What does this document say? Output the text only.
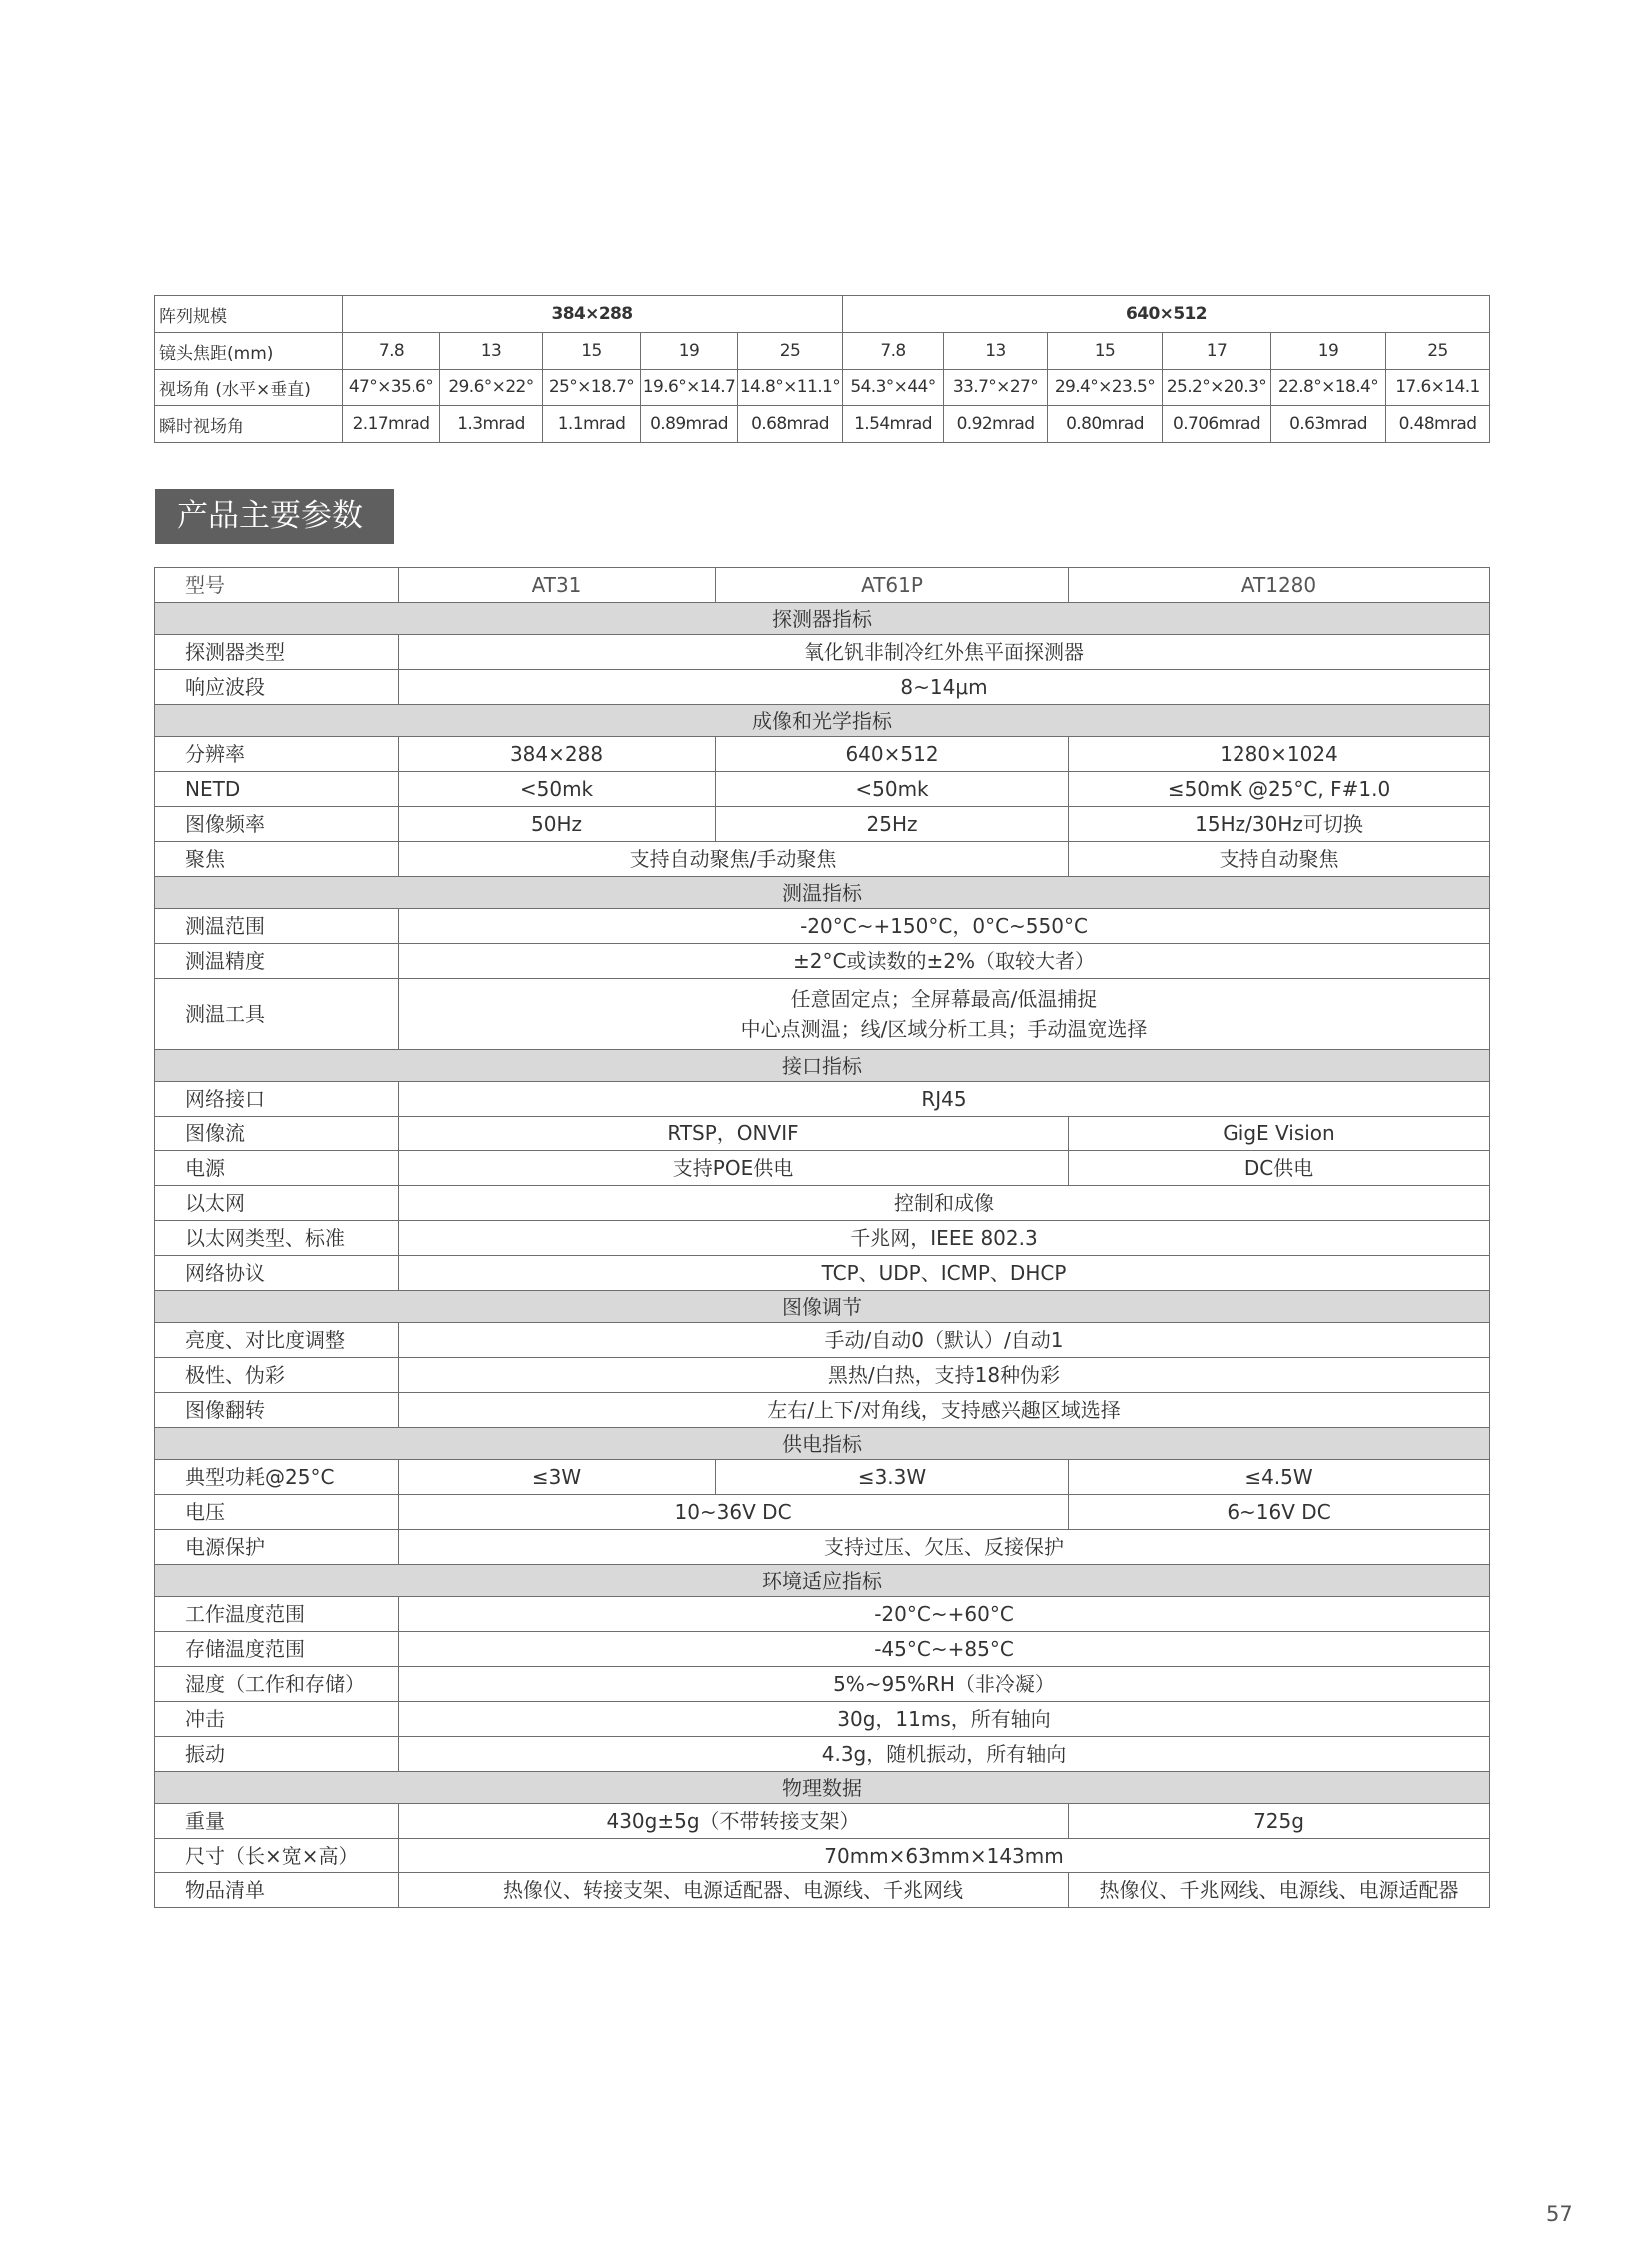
阵列规模	384×288					640×512					
镜头焦距(mm)	7.8	13	15	19	25	7.8	13	15	17	19	25
视场角 (水平×垂直)	47°×35.6°	29.6°×22°	25°×18.7°	19.6°×14.7	14.8°×11.1°	54.3°×44°	33.7°×27°	29.4°×23.5°	25.2°×20.3°	22.8°×18.4°	17.6×14.1
瞬时视场角	2.17mrad	1.3mrad	1.1mrad	0.89mrad	0.68mrad	1.54mrad	0.92mrad	0.80mrad	0.706mrad	0.63mrad	0.48mrad
产品主要参数
型号	AT31	AT61P	AT1280
探测器指标			
探测器类型	氧化钒非制冷红外焦平面探测器		
响应波段	8~14μm		
成像和光学指标			
分辨率	384×288	640×512	1280×1024
NETD	<50mk	<50mk	≤50mK @25°C, F#1.0
图像频率	50Hz	25Hz	15Hz/30Hz可切换
聚焦	支持自动聚焦/手动聚焦		支持自动聚焦
测温指标			
测温范围	-20°C~+150°C，0°C~550°C		
测温精度	±2°C或读数的±2%（取较大者）		
测温工具	任意固定点；全屏幕最高/低温捕捉
中心点测温；线/区域分析工具；手动温宽选择		

接口指标			
网络接口	RJ45		
图像流	RTSP，ONVIF		GigE Vision
电源	支持POE供电		DC供电
以太网	控制和成像		
以太网类型、标准	千兆网，IEEE 802.3		
网络协议	TCP、UDP、ICMP、DHCP		
图像调节			
亮度、对比度调整	手动/自动0（默认）/自动1		
极性、伪彩	黑热/白热，支持18种伪彩		
图像翻转	左右/上下/对角线，支持感兴趣区域选择		
供电指标			
典型功耗@25°C	≤3W	≤3.3W	≤4.5W
电压	10~36V DC		6~16V DC
电源保护	支持过压、欠压、反接保护		
环境适应指标			
工作温度范围	-20°C~+60°C		
存储温度范围	-45°C~+85°C		
湿度（工作和存储）	5%~95%RH（非冷凝）		
冲击	30g，11ms，所有轴向		
振动	4.3g，随机振动，所有轴向		
物理数据			
重量	430g±5g（不带转接支架）		725g
尺寸（长×宽×高）	70mm×63mm×143mm		
物品清单	热像仪、转接支架、电源适配器、电源线、千兆网线		热像仪、千兆网线、电源线、电源适配器
57
